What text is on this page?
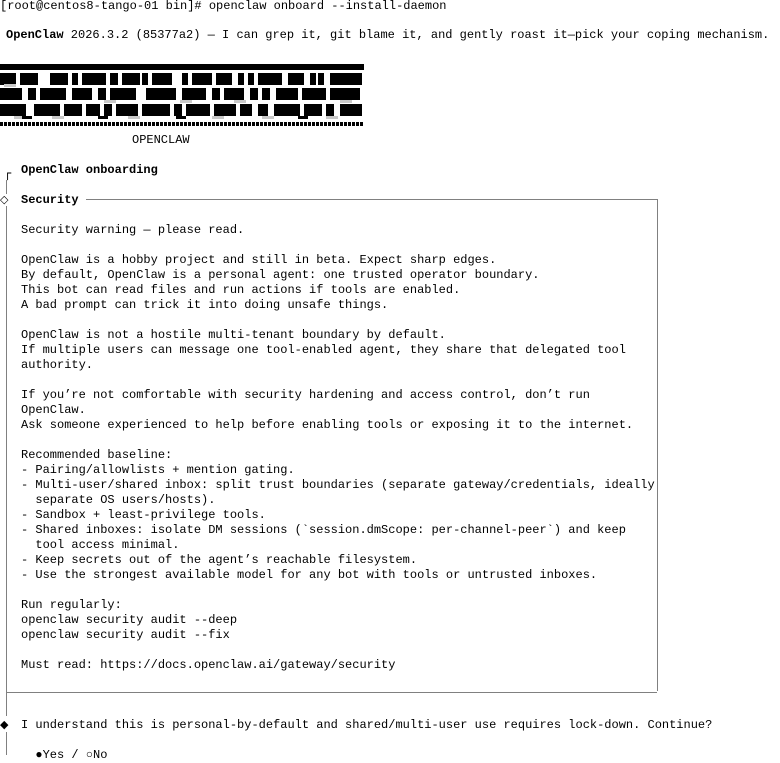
[root@centos8-tango-01 bin]# openclaw onboard --install-daemon
OpenClaw 2026.3.2 (85377a2) — I can grep it, git blame it, and gently roast it—pick your coping mechanism.
OPENCLAW
┌ OpenClaw onboarding
◇ Security
Security warning — please read.
OpenClaw is a hobby project and still in beta. Expect sharp edges.
By default, OpenClaw is a personal agent: one trusted operator boundary.
This bot can read files and run actions if tools are enabled.
A bad prompt can trick it into doing unsafe things.
OpenClaw is not a hostile multi-tenant boundary by default.
If multiple users can message one tool-enabled agent, they share that delegated tool
authority.
If you’re not comfortable with security hardening and access control, don’t run
OpenClaw.
Ask someone experienced to help before enabling tools or exposing it to the internet.
Recommended baseline:
- Pairing/allowlists + mention gating.
- Multi-user/shared inbox: split trust boundaries (separate gateway/credentials, ideally
separate OS users/hosts).
- Sandbox + least-privilege tools.
- Shared inboxes: isolate DM sessions (`session.dmScope: per-channel-peer`) and keep
tool access minimal.
- Keep secrets out of the agent’s reachable filesystem.
- Use the strongest available model for any bot with tools or untrusted inboxes.
Run regularly:
openclaw security audit --deep
openclaw security audit --fix
Must read: https://docs.openclaw.ai/gateway/security
◆ I understand this is personal-by-default and shared/multi-user use requires lock-down. Continue?

●Yes / ○No
